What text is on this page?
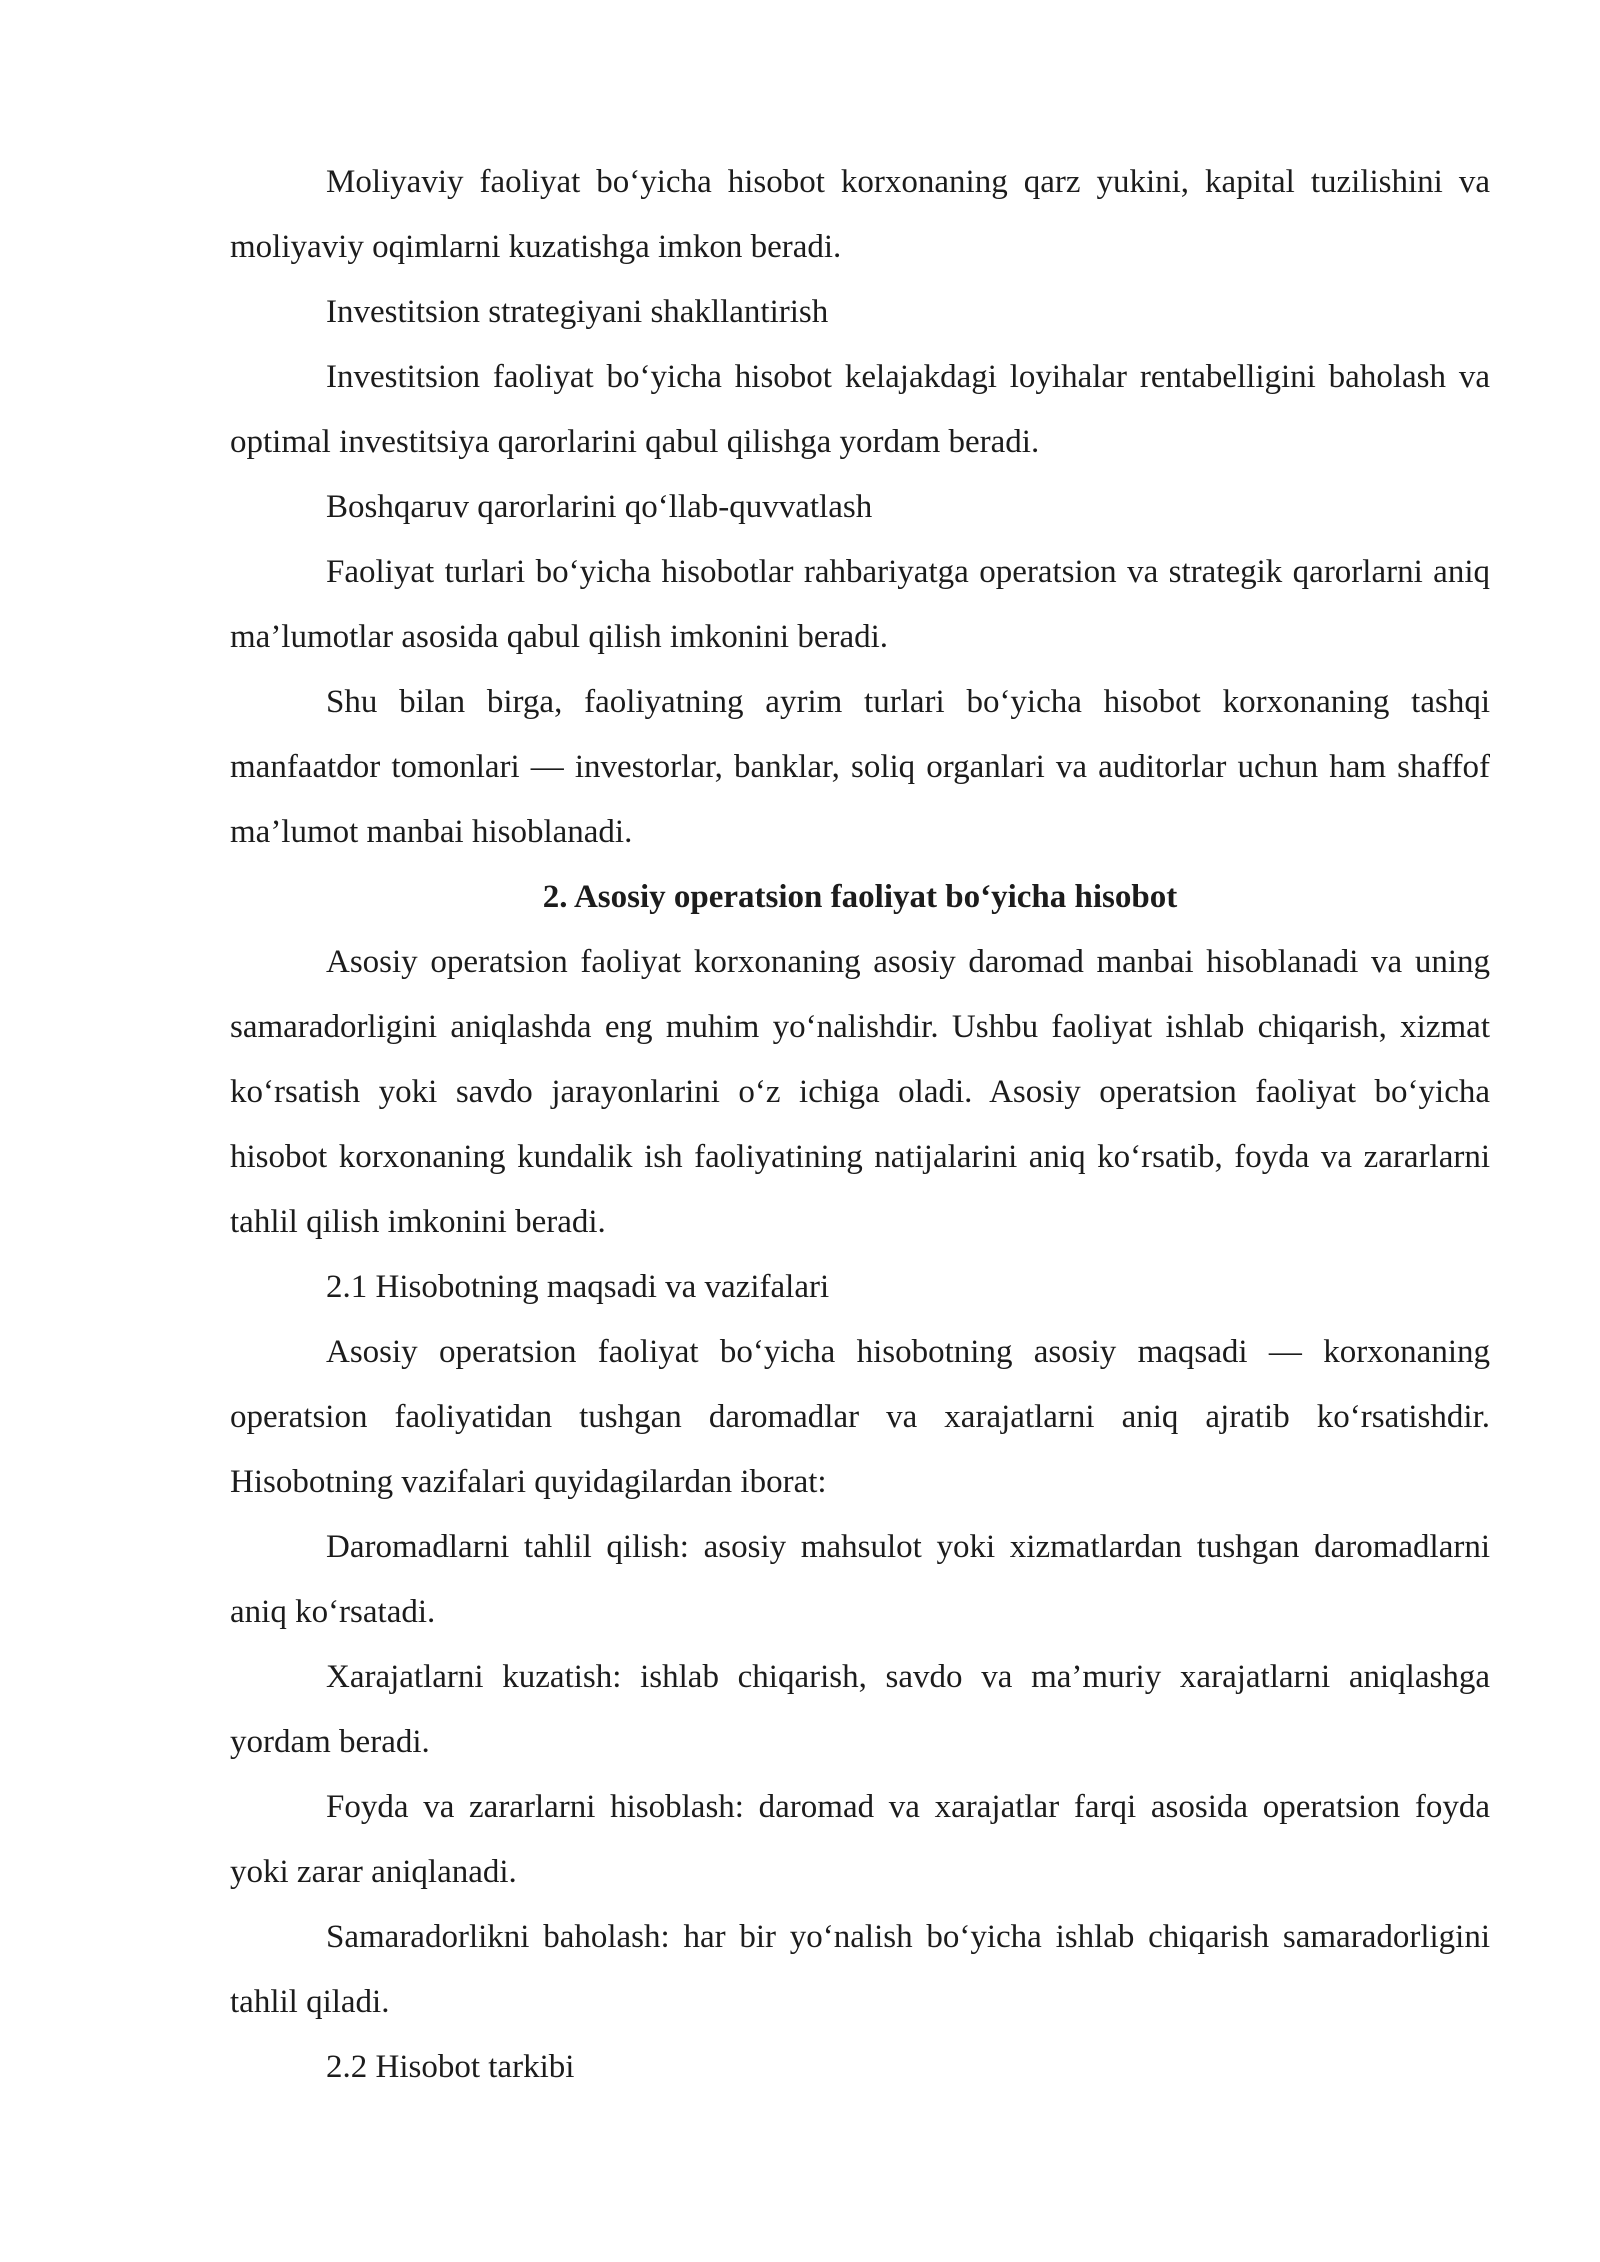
Moliyaviy faoliyat bo‘yicha hisobot korxonaning qarz yukini, kapital tuzilishini va moliyaviy oqimlarni kuzatishga imkon beradi.

Investitsion strategiyani shakllantirish

Investitsion faoliyat bo‘yicha hisobot kelajakdagi loyihalar rentabelligini baholash va optimal investitsiya qarorlarini qabul qilishga yordam beradi.

Boshqaruv qarorlarini qo‘llab-quvvatlash

Faoliyat turlari bo‘yicha hisobotlar rahbariyatga operatsion va strategik qarorlarni aniq ma’lumotlar asosida qabul qilish imkonini beradi.

Shu bilan birga, faoliyatning ayrim turlari bo‘yicha hisobot korxonaning tashqi manfaatdor tomonlari — investorlar, banklar, soliq organlari va auditorlar uchun ham shaffof ma’lumot manbai hisoblanadi.

2. Asosiy operatsion faoliyat bo‘yicha hisobot

Asosiy operatsion faoliyat korxonaning asosiy daromad manbai hisoblanadi va uning samaradorligini aniqlashda eng muhim yo‘nalishdir. Ushbu faoliyat ishlab chiqarish, xizmat ko‘rsatish yoki savdo jarayonlarini o‘z ichiga oladi. Asosiy operatsion faoliyat bo‘yicha hisobot korxonaning kundalik ish faoliyatining natijalarini aniq ko‘rsatib, foyda va zararlarni tahlil qilish imkonini beradi.

2.1 Hisobotning maqsadi va vazifalari

Asosiy operatsion faoliyat bo‘yicha hisobotning asosiy maqsadi — korxonaning operatsion faoliyatidan tushgan daromadlar va xarajatlarni aniq ajratib ko‘rsatishdir. Hisobotning vazifalari quyidagilardan iborat:

Daromadlarni tahlil qilish: asosiy mahsulot yoki xizmatlardan tushgan daromadlarni aniq ko‘rsatadi.

Xarajatlarni kuzatish: ishlab chiqarish, savdo va ma’muriy xarajatlarni aniqlashga yordam beradi.

Foyda va zararlarni hisoblash: daromad va xarajatlar farqi asosida operatsion foyda yoki zarar aniqlanadi.

Samaradorlikni baholash: har bir yo‘nalish bo‘yicha ishlab chiqarish samaradorligini tahlil qiladi.

2.2 Hisobot tarkibi
